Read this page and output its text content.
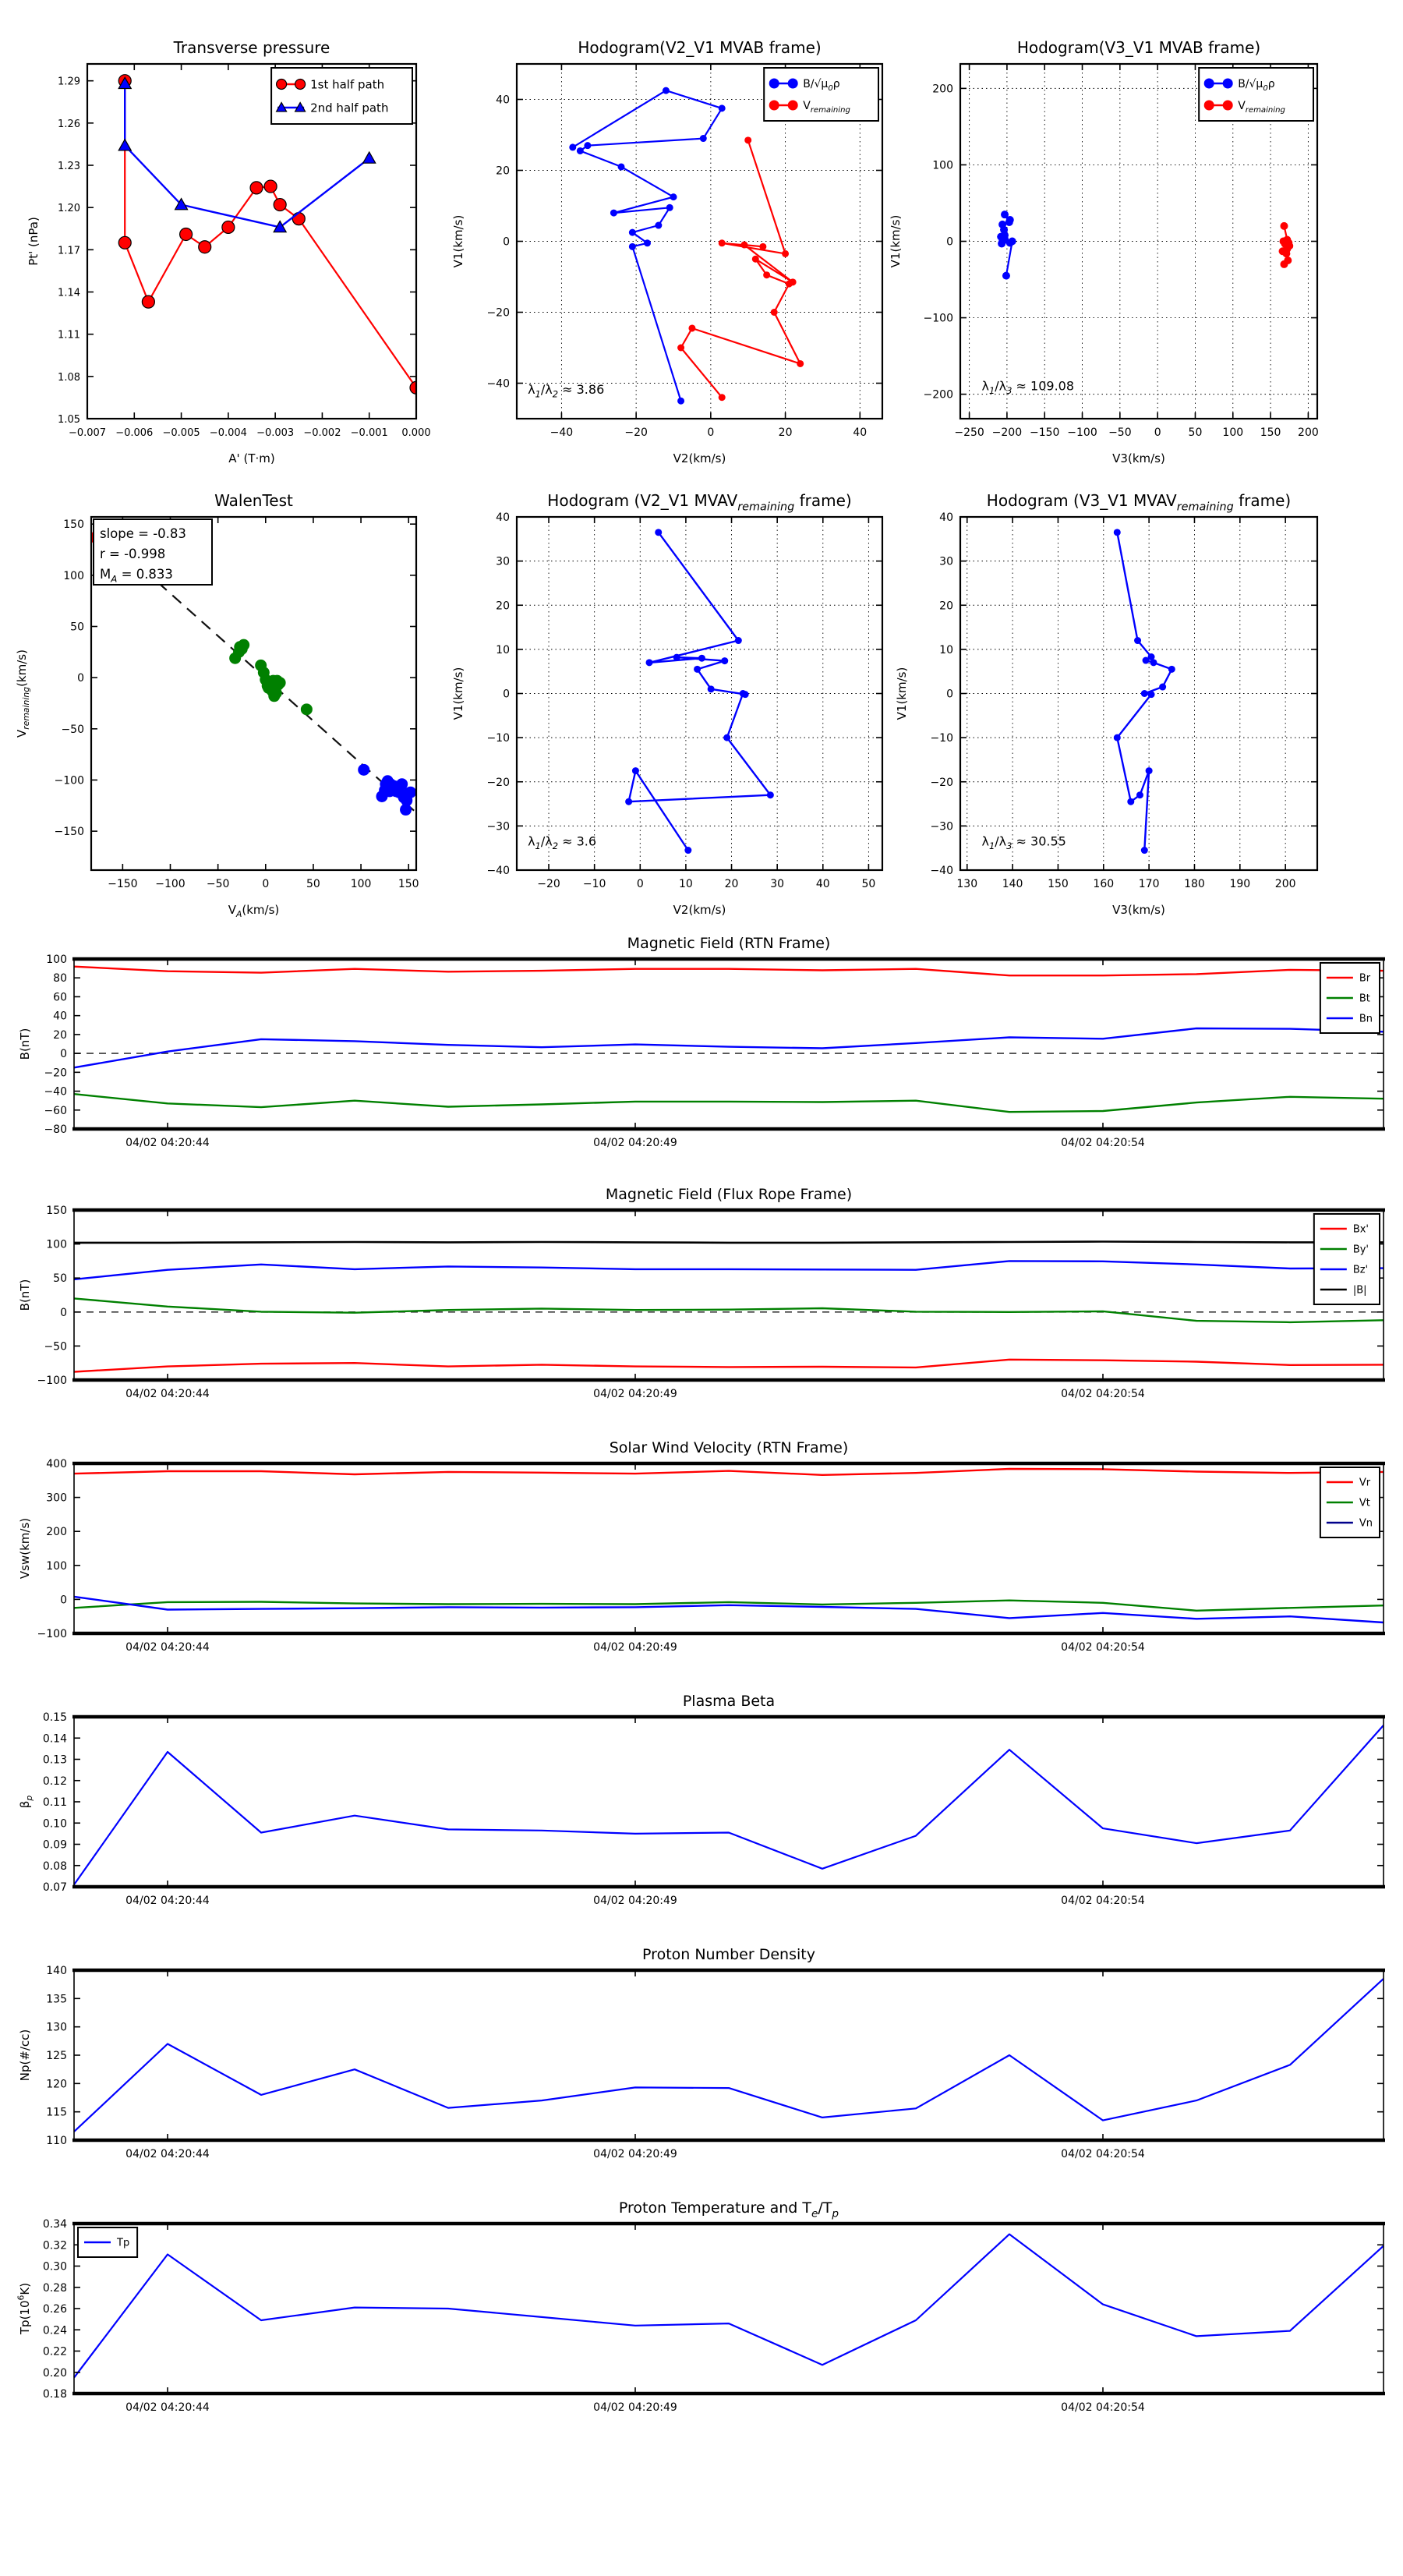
Transverse pressure
−0.007 −0.006 −0.005 −0.004 −0.003 −0.002 −0.001 0.000
1.05
1.08
1.11
1.14
1.17
1.20
1.23
1.26
1.29
A' (T·m)
Pt' (nPa)
1st half path
2nd half path
Hodogram(V2_V1 MVAB frame)
−40	−20	0	20	40
−40
−20
0
20
40
V2(km/s)
V1(km/s)
$\lambda_1/\lambda_2 \approx 3.86$
$B/√\mu_0\rho$
$V_{remaining}$
Hodogram(V3_V1 MVAB frame)
−250 −200 −150 −100 −50 0 50 100 150 200
−200
−100
0
100
200
V3(km/s)
V1(km/s)
$\lambda_1/\lambda_3 \approx 109.08$
$B/√\mu_0\rho$
$V_{remaining}$
WalenTest
−150 −100 −50	0	50	100 150
−150
−100
−50
0
50
100
150
$V_A(km/s)$
$V_{remaining}(km/s)$
slope = -0.83
r = -0.998
$M_A = 0.833$
Hodogram (V2_V1 $MVAV_{remaining}$ frame)
−20 −10	0	10	20	30	40	50
−40
−30
−20
−10
0
10
20
30
40
V2(km/s)
V1(km/s)
$\lambda_1/\lambda_2 \approx 3.6$
Hodogram (V3_V1 $MVAV_{remaining}$ frame)
130 140 150 160 170 180 190 200
−40
−30
−20
−10
0
10
20
30
40
V3(km/s)
V1(km/s)
$\lambda_1/\lambda_3 \approx 30.55$
Magnetic Field (RTN Frame)
04/02 04:20:44	04/02 04:20:49	04/02 04:20:54
−80
−60
−40
−20
0
20
40
60
80
100
B(nT)
Br
Bt
Bn
Magnetic Field (Flux Rope Frame)
04/02 04:20:44	04/02 04:20:49	04/02 04:20:54
−100
−50
0
50
100
150
B(nT)
Bx'
By'
Bz'
|B|
Solar Wind Velocity (RTN Frame)
04/02 04:20:44	04/02 04:20:49	04/02 04:20:54
−100
0
100
200
300
400
Vsw(km/s)
Vr
Vt
Vn
Plasma Beta
04/02 04:20:44	04/02 04:20:49	04/02 04:20:54
0.07
0.08
0.09
0.10
0.11
0.12
0.13
0.14
0.15
$\beta_p$
Proton Number Density
04/02 04:20:44	04/02 04:20:49	04/02 04:20:54
110
115
120
125
130
135
140
Np(#/cc)
Proton Temperature and $T_e/T_p$
04/02 04:20:44	04/02 04:20:49	04/02 04:20:54
0.18
0.20
0.22
0.24
0.26
0.28
0.30
0.32
0.34
$Tp(10^6K)$
Tp
